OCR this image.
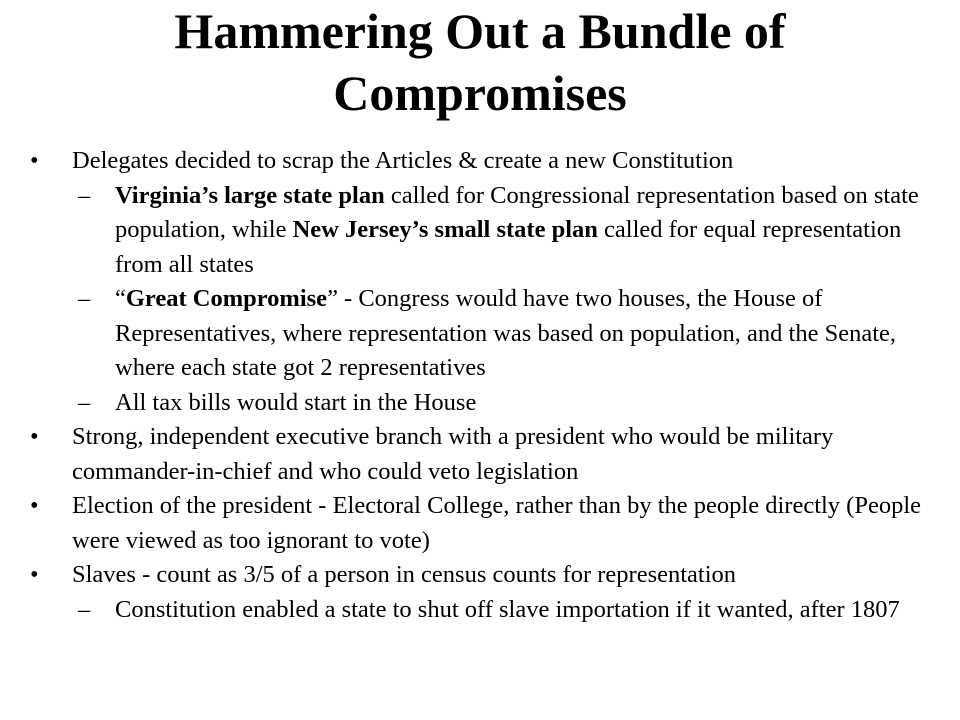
Hammering Out a Bundle of
Compromises
•	Delegates decided to scrap the Articles & create a new Constitution
–	Virginia’s large state plan called for Congressional representation based on state population, while New Jersey’s small state plan called for equal representation from all states
–	“Great Compromise” - Congress would have two houses, the House of Representatives, where representation was based on population, and the Senate, where each state got 2 representatives
–	All tax bills would start in the House
•	Strong, independent executive branch with a president who would be military commander-in-chief and who could veto legislation
•	Election of the president - Electoral College, rather than by the people directly (People were viewed as too ignorant to vote)
•	Slaves - count as 3/5 of a person in census counts for representation
–	Constitution enabled a state to shut off slave importation if it wanted, after 1807
